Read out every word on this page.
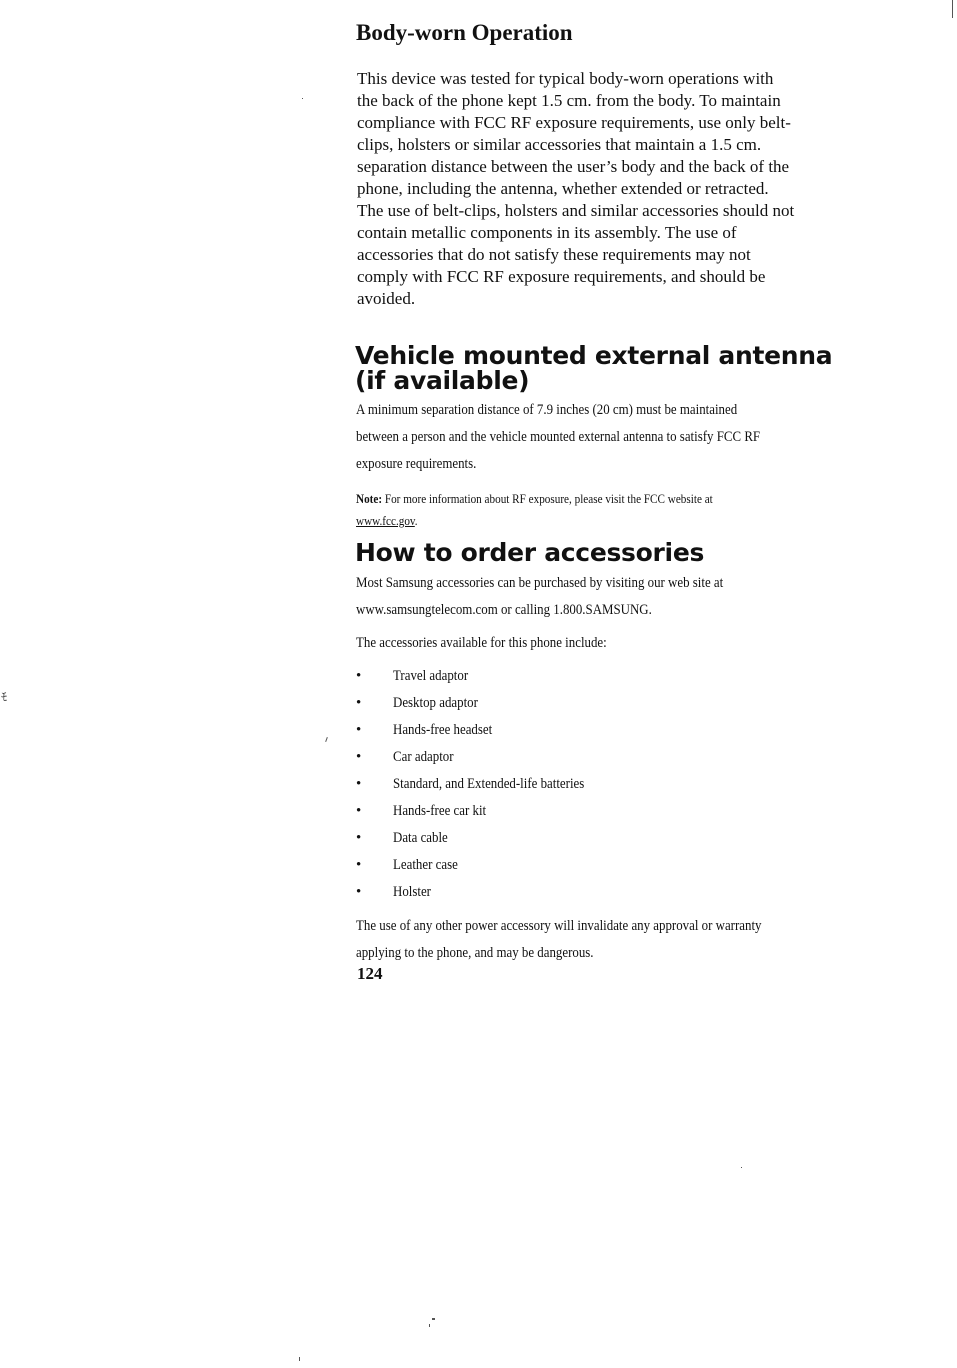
Body-worn Operation
This device was tested for typical body-worn operations with
the back of the phone kept 1.5 cm. from the body. To maintain
compliance with FCC RF exposure requirements, use only belt-
clips, holsters or similar accessories that maintain a 1.5 cm.
separation distance between the user’s body and the back of the
phone, including the antenna, whether extended or retracted.
The use of belt-clips, holsters and similar accessories should not
contain metallic components in its assembly. The use of
accessories that do not satisfy these requirements may not
comply with FCC RF exposure requirements, and should be
avoided.
Vehicle mounted external antenna
(if available)
A minimum separation distance of 7.9 inches (20 cm) must be maintained
between a person and the vehicle mounted external antenna to satisfy FCC RF
exposure requirements.
Note: For more information about RF exposure, please visit the FCC website at
www.fcc.gov.
How to order accessories
Most Samsung accessories can be purchased by visiting our web site at
www.samsungtelecom.com or calling 1.800.SAMSUNG.
The accessories available for this phone include:
•	Travel adaptor
•	Desktop adaptor
•	Hands-free headset
•	Car adaptor
•	Standard, and Extended-life batteries
•	Hands-free car kit
•	Data cable
•	Leather case
•	Holster
The use of any other power accessory will invalidate any approval or warranty
applying to the phone, and may be dangerous.
124
ﾓ
